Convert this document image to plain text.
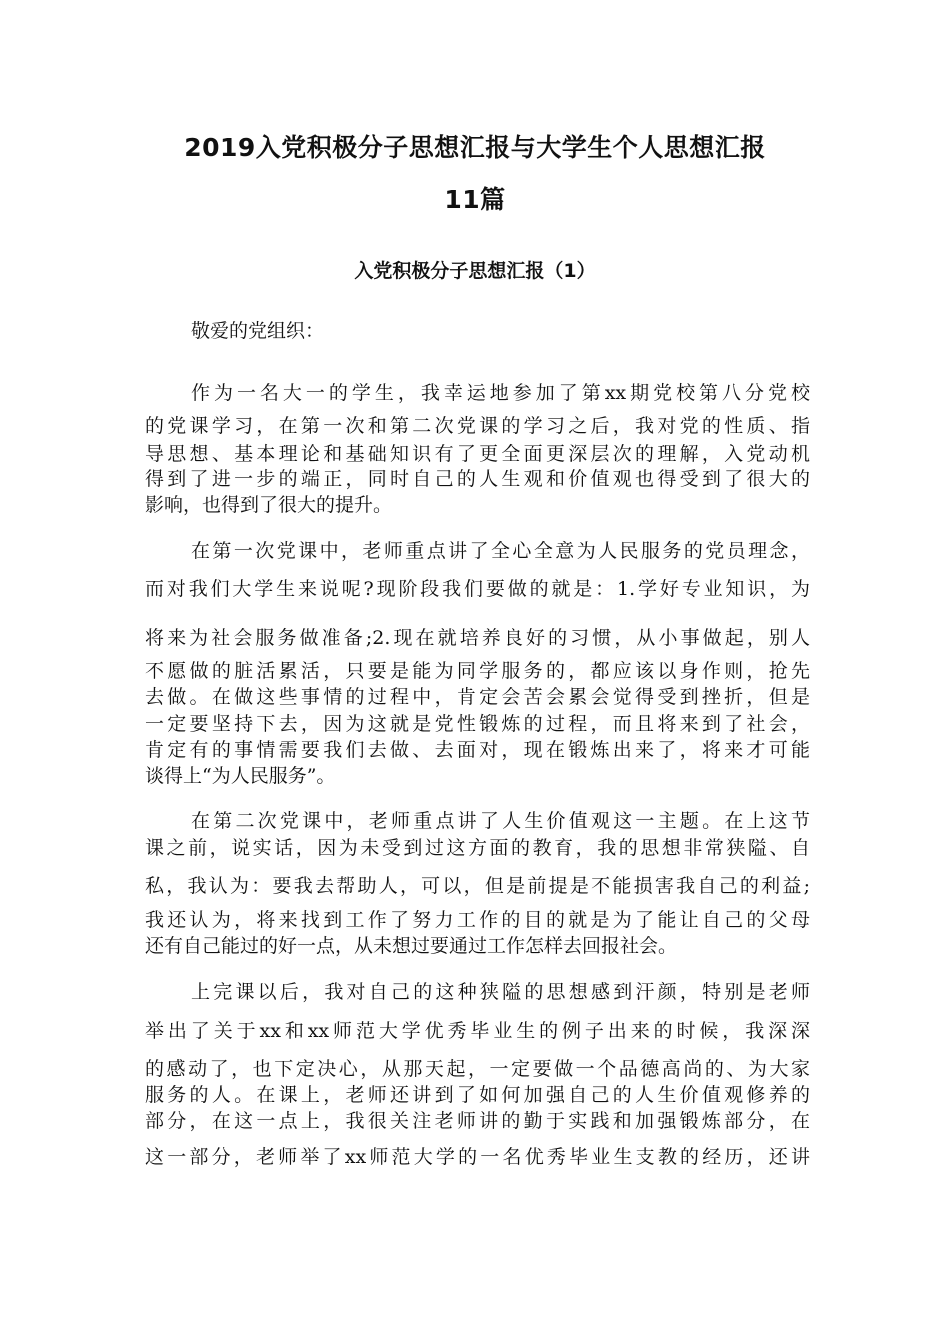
2019入党积极分子思想汇报与大学生个人思想汇报
11篇
入党积极分子思想汇报（1）
敬爱的党组织：
作为一名大一的学生，我幸运地参加了第xx期党校第八分党校
的党课学习，在第一次和第二次党课的学习之后，我对党的性质、指
导思想、基本理论和基础知识有了更全面更深层次的理解，入党动机
得到了进一步的端正，同时自己的人生观和价值观也得受到了很大的
影响，也得到了很大的提升。
在第一次党课中，老师重点讲了全心全意为人民服务的党员理念，
而对我们大学生来说呢?现阶段我们要做的就是：1.学好专业知识，为
将来为社会服务做准备;2.现在就培养良好的习惯，从小事做起，别人
不愿做的脏活累活，只要是能为同学服务的，都应该以身作则，抢先
去做。在做这些事情的过程中，肯定会苦会累会觉得受到挫折，但是
一定要坚持下去，因为这就是党性锻炼的过程，而且将来到了社会，
肯定有的事情需要我们去做、去面对，现在锻炼出来了，将来才可能
谈得上“为人民服务”。
在第二次党课中，老师重点讲了人生价值观这一主题。在上这节
课之前，说实话，因为未受到过这方面的教育，我的思想非常狭隘、自
私，我认为：要我去帮助人，可以，但是前提是不能损害我自己的利益;
我还认为，将来找到工作了努力工作的目的就是为了能让自己的父母
还有自己能过的好一点，从未想过要通过工作怎样去回报社会。
上完课以后，我对自己的这种狭隘的思想感到汗颜，特别是老师
举出了关于xx和xx师范大学优秀毕业生的例子出来的时候，我深深
的感动了，也下定决心，从那天起，一定要做一个品德高尚的、为大家
服务的人。在课上，老师还讲到了如何加强自己的人生价值观修养的
部分，在这一点上，我很关注老师讲的勤于实践和加强锻炼部分，在
这一部分，老师举了xx师范大学的一名优秀毕业生支教的经历，还讲
